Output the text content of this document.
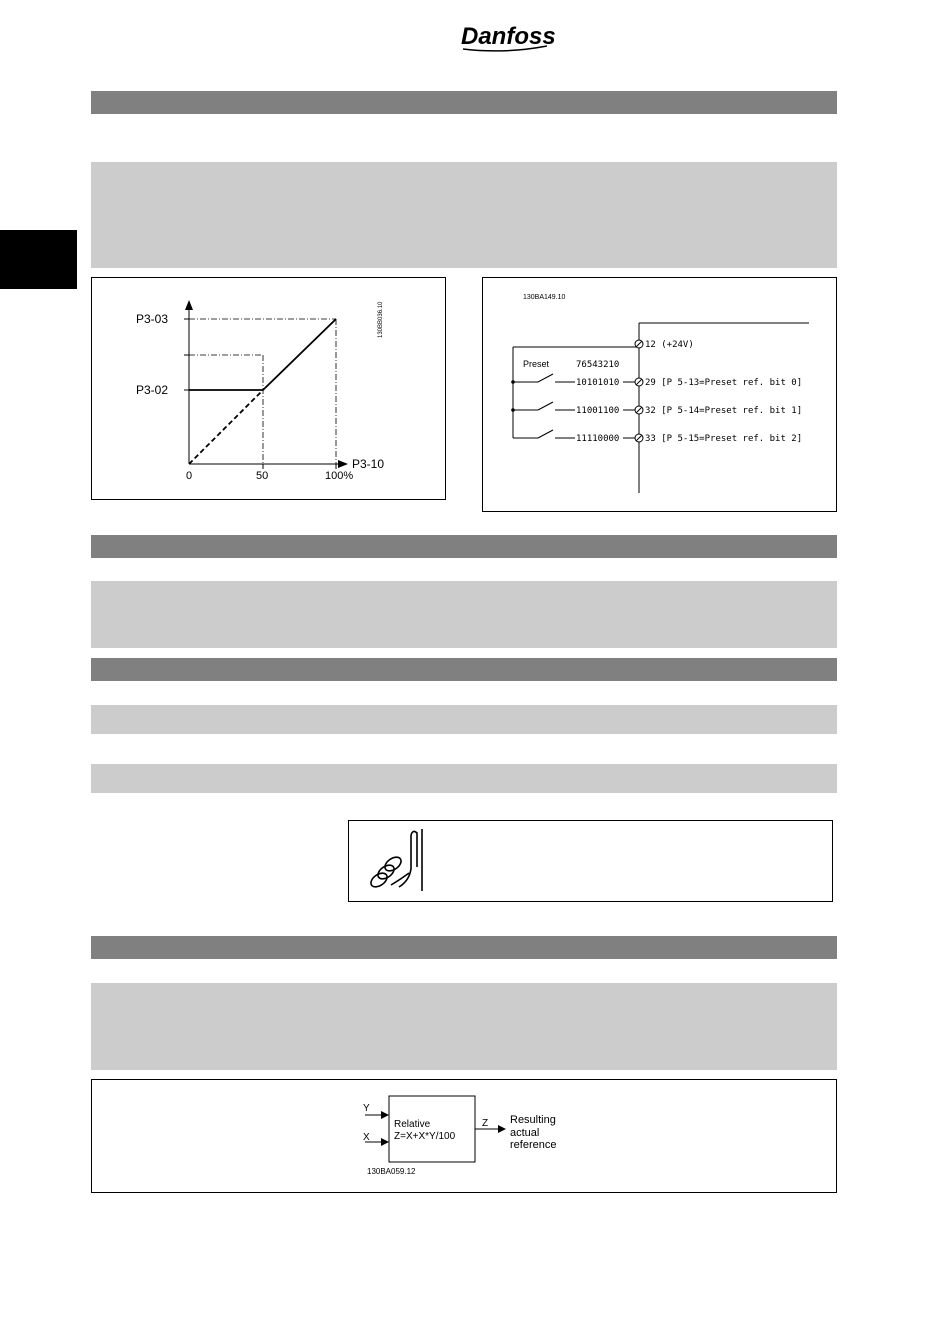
Danfoss
P3-03
P3-02
P3-10
0	50	100%
130BB036.10
130BA149.10
Preset	76543210
12 (+24V)
10101010	29 [P 5-13=Preset ref. bit 0]
11001100	32 [P 5-14=Preset ref. bit 1]
11110000	33 [P 5-15=Preset ref. bit 2]
Y
X
Relative
Z=X+X*Y/100
Z Resulting
actual
reference
130BA059.12
